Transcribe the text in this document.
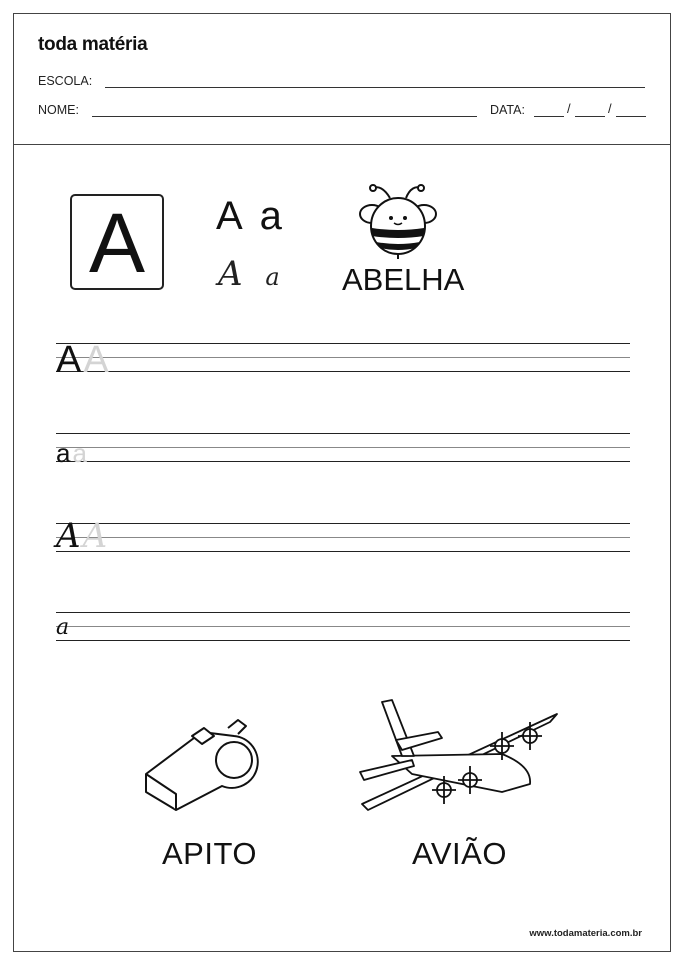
toda matéria
ESCOLA:
NOME:	DATA:	/	/
A A a
A a ABELHA
AA
aa
AA
a
APITO	AVIÃO
www.todamateria.com.br
